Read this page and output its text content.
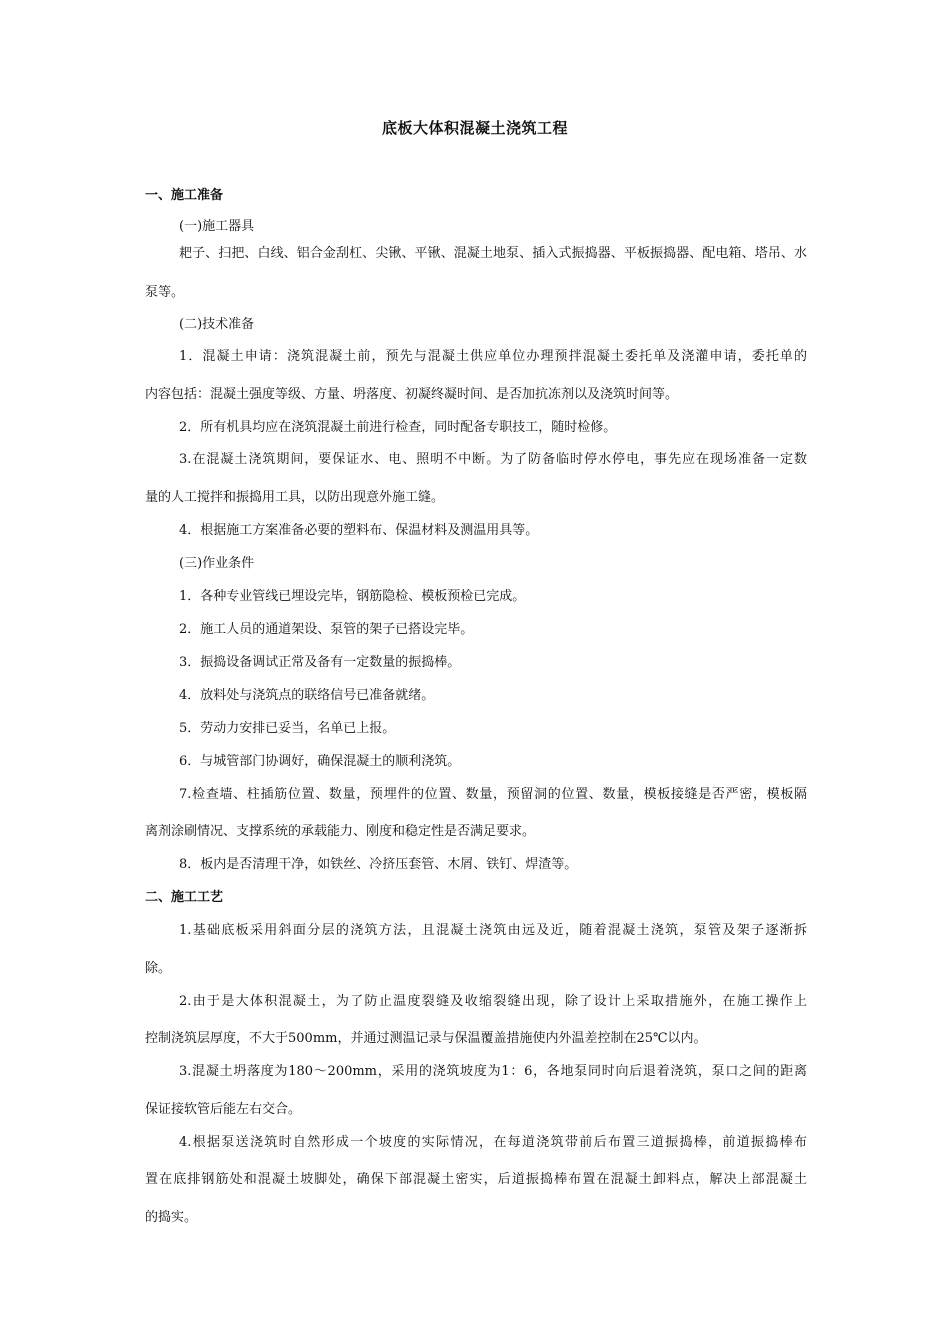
底板大体积混凝土浇筑工程
一、施工准备
(一)施工器具
耙子、扫把、白线、铝合金刮杠、尖锹、平锹、混凝土地泵、插入式振捣器、平板振捣器、配电箱、塔吊、水
泵等。
(二)技术准备
1．混凝土申请：浇筑混凝土前，预先与混凝土供应单位办理预拌混凝土委托单及浇灌申请，委托单的
内容包括：混凝土强度等级、方量、坍落度、初凝终凝时间、是否加抗冻剂以及浇筑时间等。
2．所有机具均应在浇筑混凝土前进行检查，同时配备专职技工，随时检修。
3.在混凝土浇筑期间，要保证水、电、照明不中断。为了防备临时停水停电，事先应在现场准备一定数
量的人工搅拌和振捣用工具，以防出现意外施工缝。
4．根据施工方案准备必要的塑料布、保温材料及测温用具等。
(三)作业条件
1．各种专业管线已埋设完毕，钢筋隐检、模板预检已完成。
2．施工人员的通道架设、泵管的架子已搭设完毕。
3．振捣设备调试正常及备有一定数量的振捣棒。
4．放料处与浇筑点的联络信号已准备就绪。
5．劳动力安排已妥当，名单已上报。
6．与城管部门协调好，确保混凝土的顺利浇筑。
7.检查墙、柱插筋位置、数量，预埋件的位置、数量，预留洞的位置、数量，模板接缝是否严密，模板隔
离剂涂刷情况、支撑系统的承载能力、刚度和稳定性是否满足要求。
8．板内是否清理干净，如铁丝、冷挤压套管、木屑、铁钉、焊渣等。
二、施工工艺
1.基础底板采用斜面分层的浇筑方法，且混凝土浇筑由远及近，随着混凝土浇筑，泵管及架子逐渐拆
除。
2.由于是大体积混凝土，为了防止温度裂缝及收缩裂缝出现，除了设计上采取措施外，在施工操作上
控制浇筑层厚度，不大于500mm，并通过测温记录与保温覆盖措施使内外温差控制在25℃以内。
3.混凝土坍落度为180～200mm，采用的浇筑坡度为1：6，各地泵同时向后退着浇筑，泵口之间的距离
保证接软管后能左右交合。
4.根据泵送浇筑时自然形成一个坡度的实际情况，在每道浇筑带前后布置三道振捣棒，前道振捣棒布
置在底排钢筋处和混凝土坡脚处，确保下部混凝土密实，后道振捣棒布置在混凝土卸料点，解决上部混凝土
的捣实。
